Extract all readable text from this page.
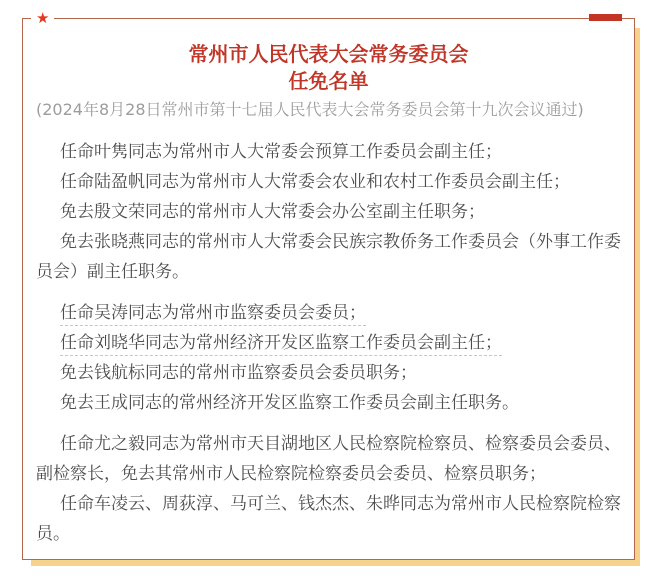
★
常州市人民代表大会常务委员会
任免名单

(2024年8月28日常州市第十七届人民代表大会常务委员会第十九次会议通过)

任命叶隽同志为常州市人大常委会预算工作委员会副主任；

任命陆盈帆同志为常州市人大常委会农业和农村工作委员会副主任；

免去殷文荣同志的常州市人大常委会办公室副主任职务；

免去张晓燕同志的常州市人大常委会民族宗教侨务工作委员会（外事工作委员会）副主任职务。

任命吴涛同志为常州市监察委员会委员；

任命刘晓华同志为常州经济开发区监察工作委员会副主任；

免去钱航标同志的常州市监察委员会委员职务；

免去王成同志的常州经济开发区监察工作委员会副主任职务。

任命尤之毅同志为常州市天目湖地区人民检察院检察员、检察委员会委员、副检察长，免去其常州市人民检察院检察委员会委员、检察员职务；

任命车凌云、周荻淳、马可兰、钱杰杰、朱晔同志为常州市人民检察院检察员。
